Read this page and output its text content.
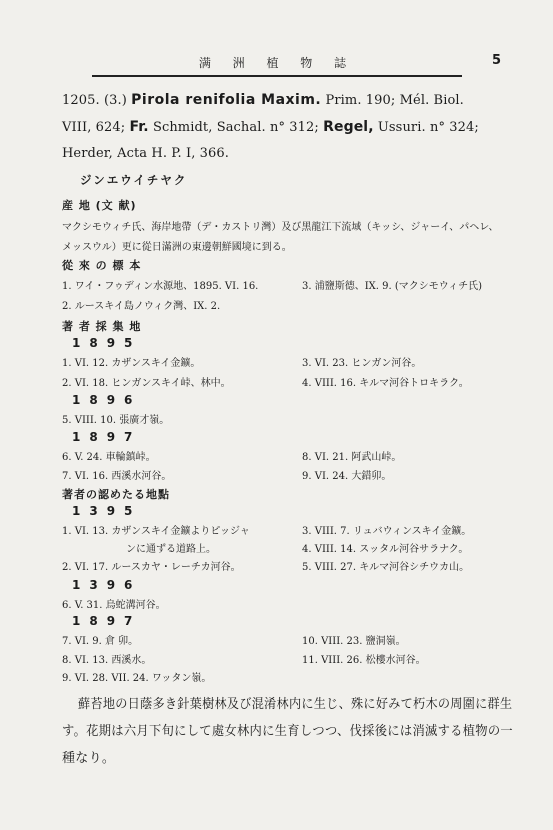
满 洲 植 物 誌	5
1205. (3.) Pirola renifolia Maxim. Prim. 190; Mél. Biol.
VIII, 624; Fr. Schmidt, Sachal. n° 312; Regel, Ussuri. n° 324;
Herder, Acta H. P. I, 366.
ジンエウイチヤク
産 地 (文 献)
マクシモウィチ氏、海岸地帶（デ・カストリ灣）及び黑龍江下流域（キッシ、ジャーイ、パヘレ、
メッスウル）更に從日滿洲の東邊朝鮮國境に到る。
從 來 の 標 本
1. ワイ・フゥディン水源地、1895. VI. 16.	3. 浦鹽斯德、IX. 9. (マクシモウィチ氏)
2. ルースキイ島ノウィク灣、IX. 2.
著 者 採 集 地
1895
1. VI. 12. カザンスキイ金鑛。	3. VI. 23. ヒンガン河谷。
2. VI. 18. ヒンガンスキイ峠、林中。	4. VIII. 16. キルマ河谷トロキラク。
1896
5. VIII. 10. 張廣才嶺。
1897
6. V. 24. 車輪鎮峠。	8. VI. 21. 阿武山峠。
7. VI. 16. 西溪水河谷。	9. VI. 24. 大錯卯。
著者の認めたる地點
1395
1. VI. 13. カザンスキイ金鑛よりピッジャ	3. VIII. 7. リュバウィンスキイ金鑛。
ンに通ずる道路上。	4. VIII. 14. スッタル河谷サラナク。
2. VI. 17. ルースカヤ・レーチカ河谷。	5. VIII. 27. キルマ河谷シチウカ山。
1396
6. V. 31. 烏蛇溝河谷。
1897
7. VI. 9. 倉 卯。	10. VIII. 23. 鹽洞嶺。
8. VI. 13. 西溪水。	11. VIII. 26. 松樓水河谷。
9. VI. 28. VII. 24. ワッタン嶺。
蘚苔地の日蔭多き針葉樹林及び混淆林内に生じ、殊に好みて朽木の周圍に群生
す。花期は六月下旬にして處女林内に生育しつつ、伐採後には消滅する植物の一
種なり。
